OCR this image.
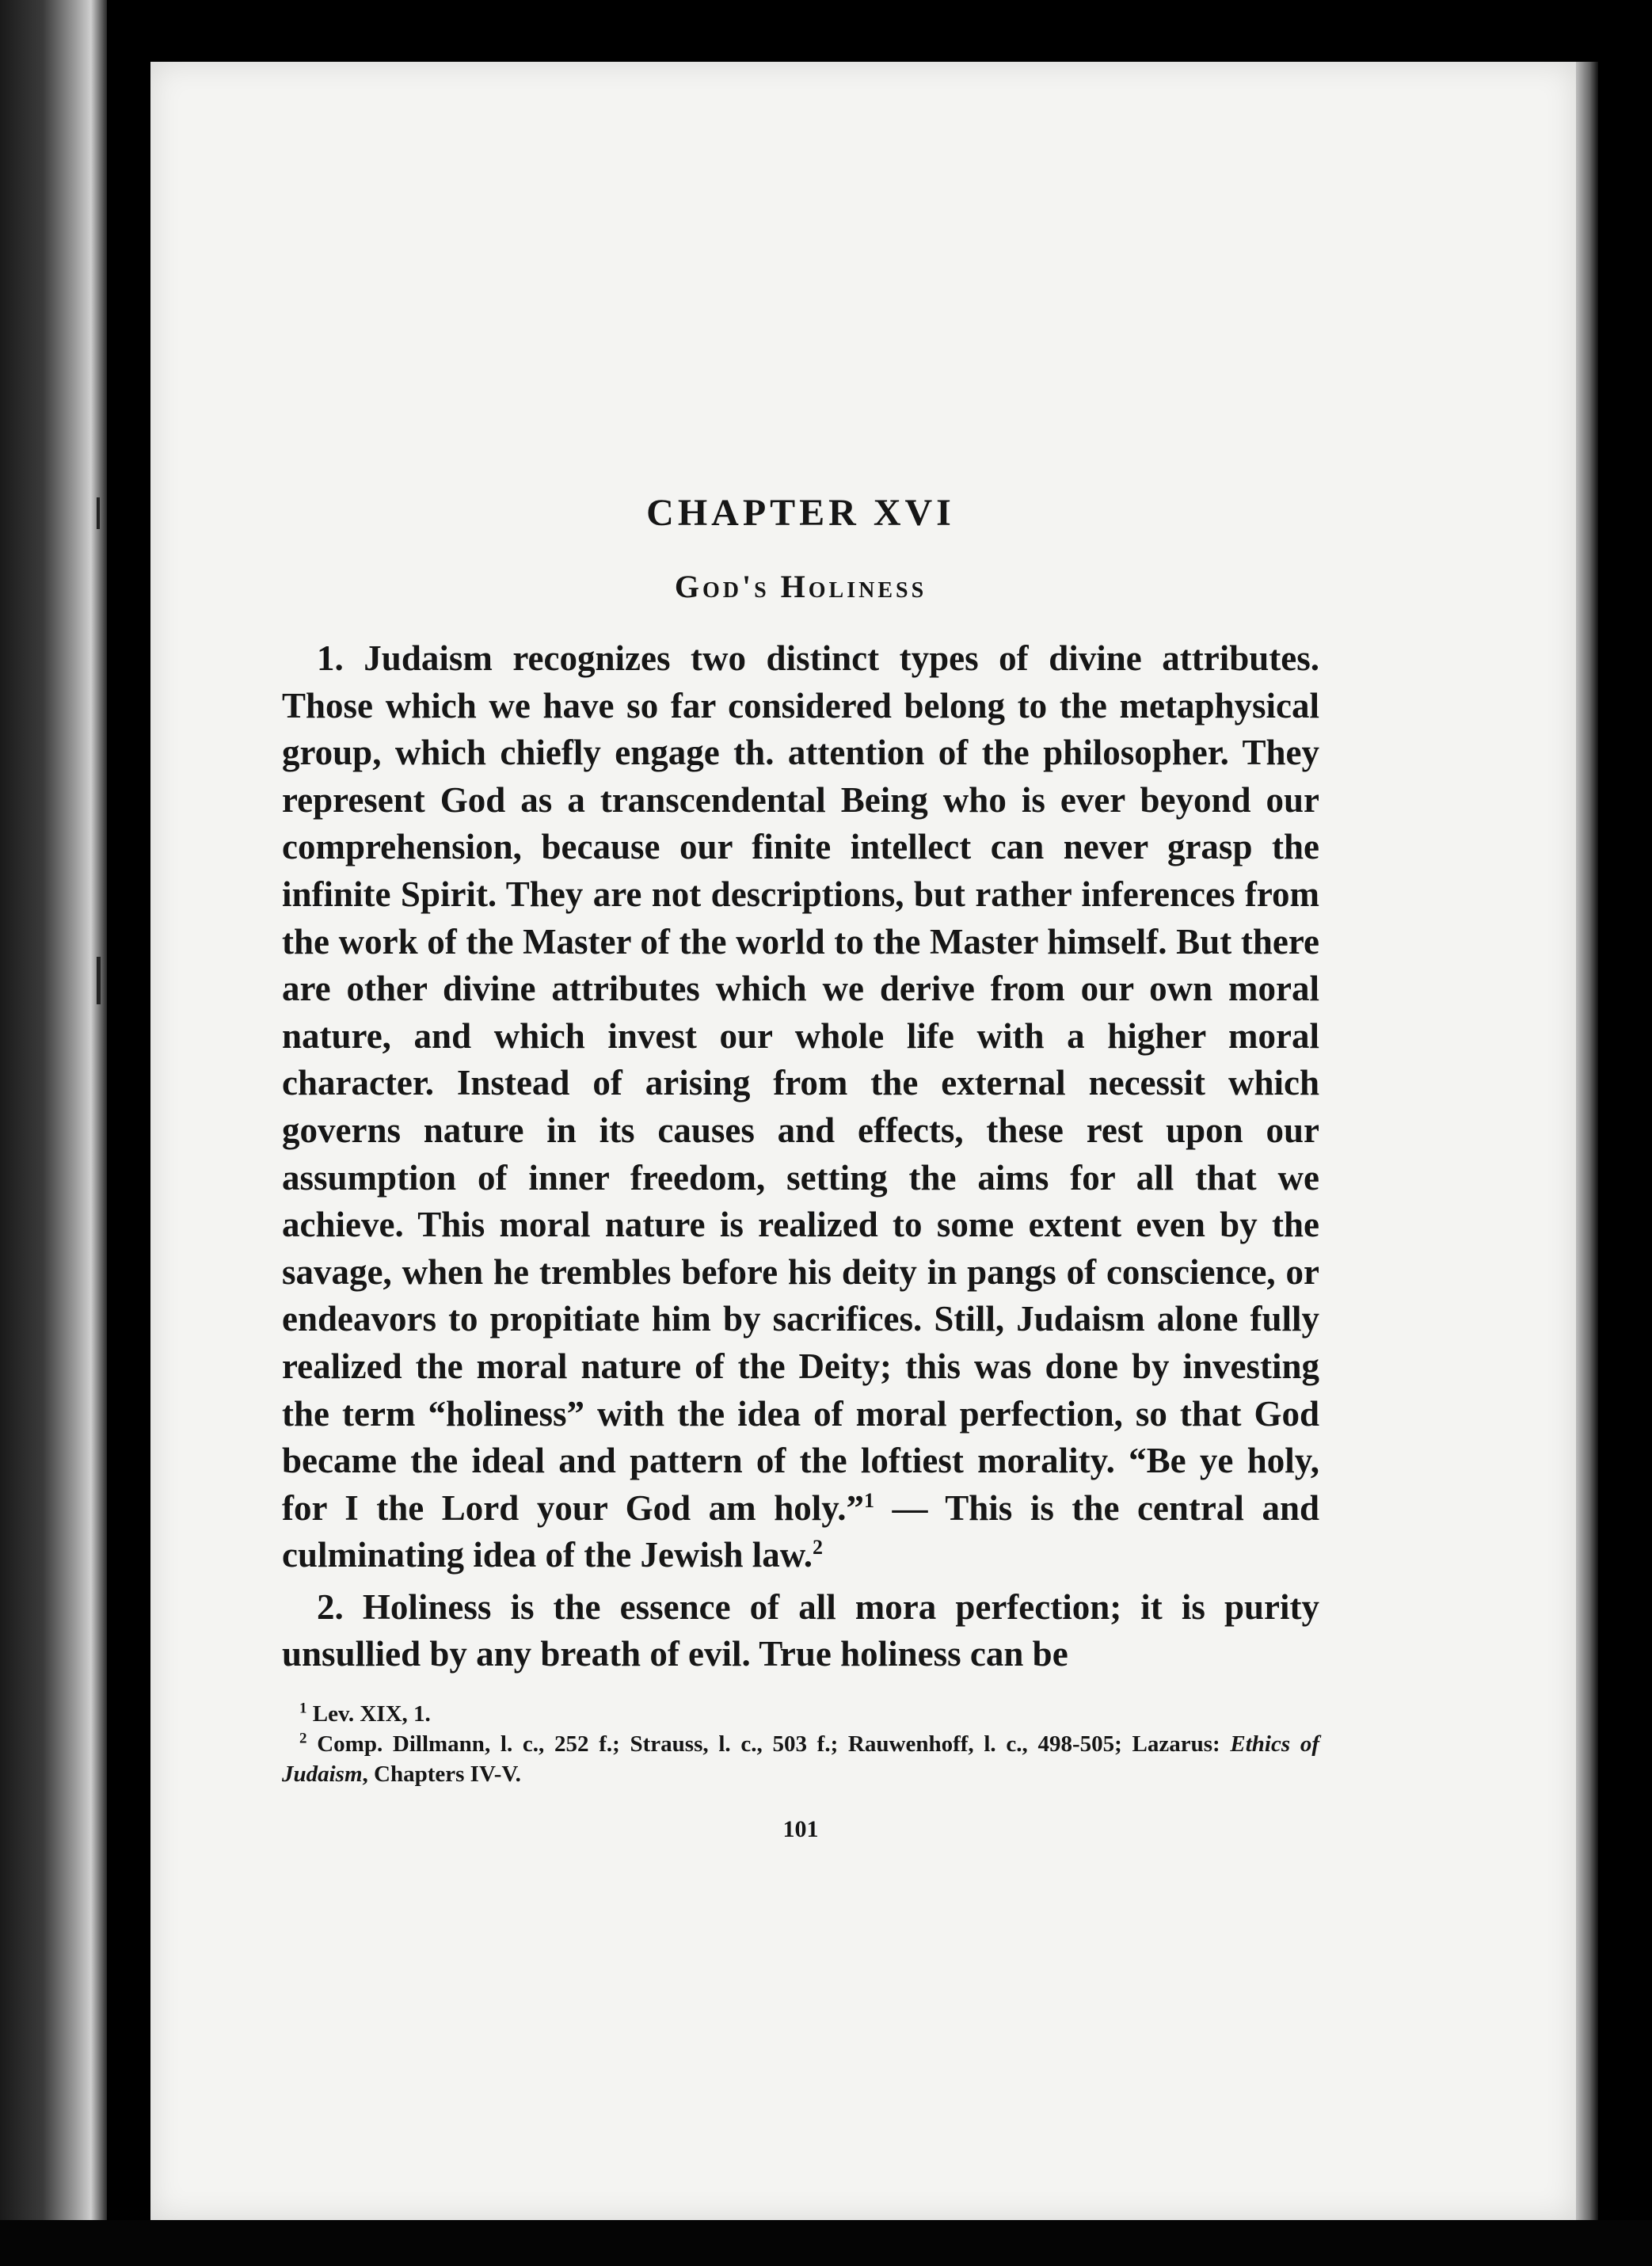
CHAPTER XVI
God's Holiness

1. Judaism recognizes two distinct types of divine attributes. Those which we have so far considered belong to the metaphysical group, which chiefly engage th. attention of the philosopher. They represent God as a transcendental Being who is ever beyond our comprehension, because our finite intellect can never grasp the infinite Spirit. They are not descriptions, but rather inferences from the work of the Master of the world to the Master himself. But there are other divine attributes which we derive from our own moral nature, and which invest our whole life with a higher moral character. Instead of arising from the external necessit which governs nature in its causes and effects, these rest upon our assumption of inner freedom, setting the aims for all that we achieve. This moral nature is realized to some extent even by the savage, when he trembles before his deity in pangs of conscience, or endeavors to propitiate him by sacrifices. Still, Judaism alone fully realized the moral nature of the Deity; this was done by investing the term “holiness” with the idea of moral perfection, so that God became the ideal and pattern of the loftiest morality. “Be ye holy, for I the Lord your God am holy.”$^1$ — This is the central and culminating idea of the Jewish law.$^2$

2. Holiness is the essence of all mora perfection; it is purity unsullied by any breath of evil. True holiness can be

$^1$ Lev. XIX, 1.

$^2$ Comp. Dillmann, l. c., 252 f.; Strauss, l. c., 503 f.; Rauwenhoff, l. c., 498-505; Lazarus: Ethics of Judaism, Chapters IV-V.

101
